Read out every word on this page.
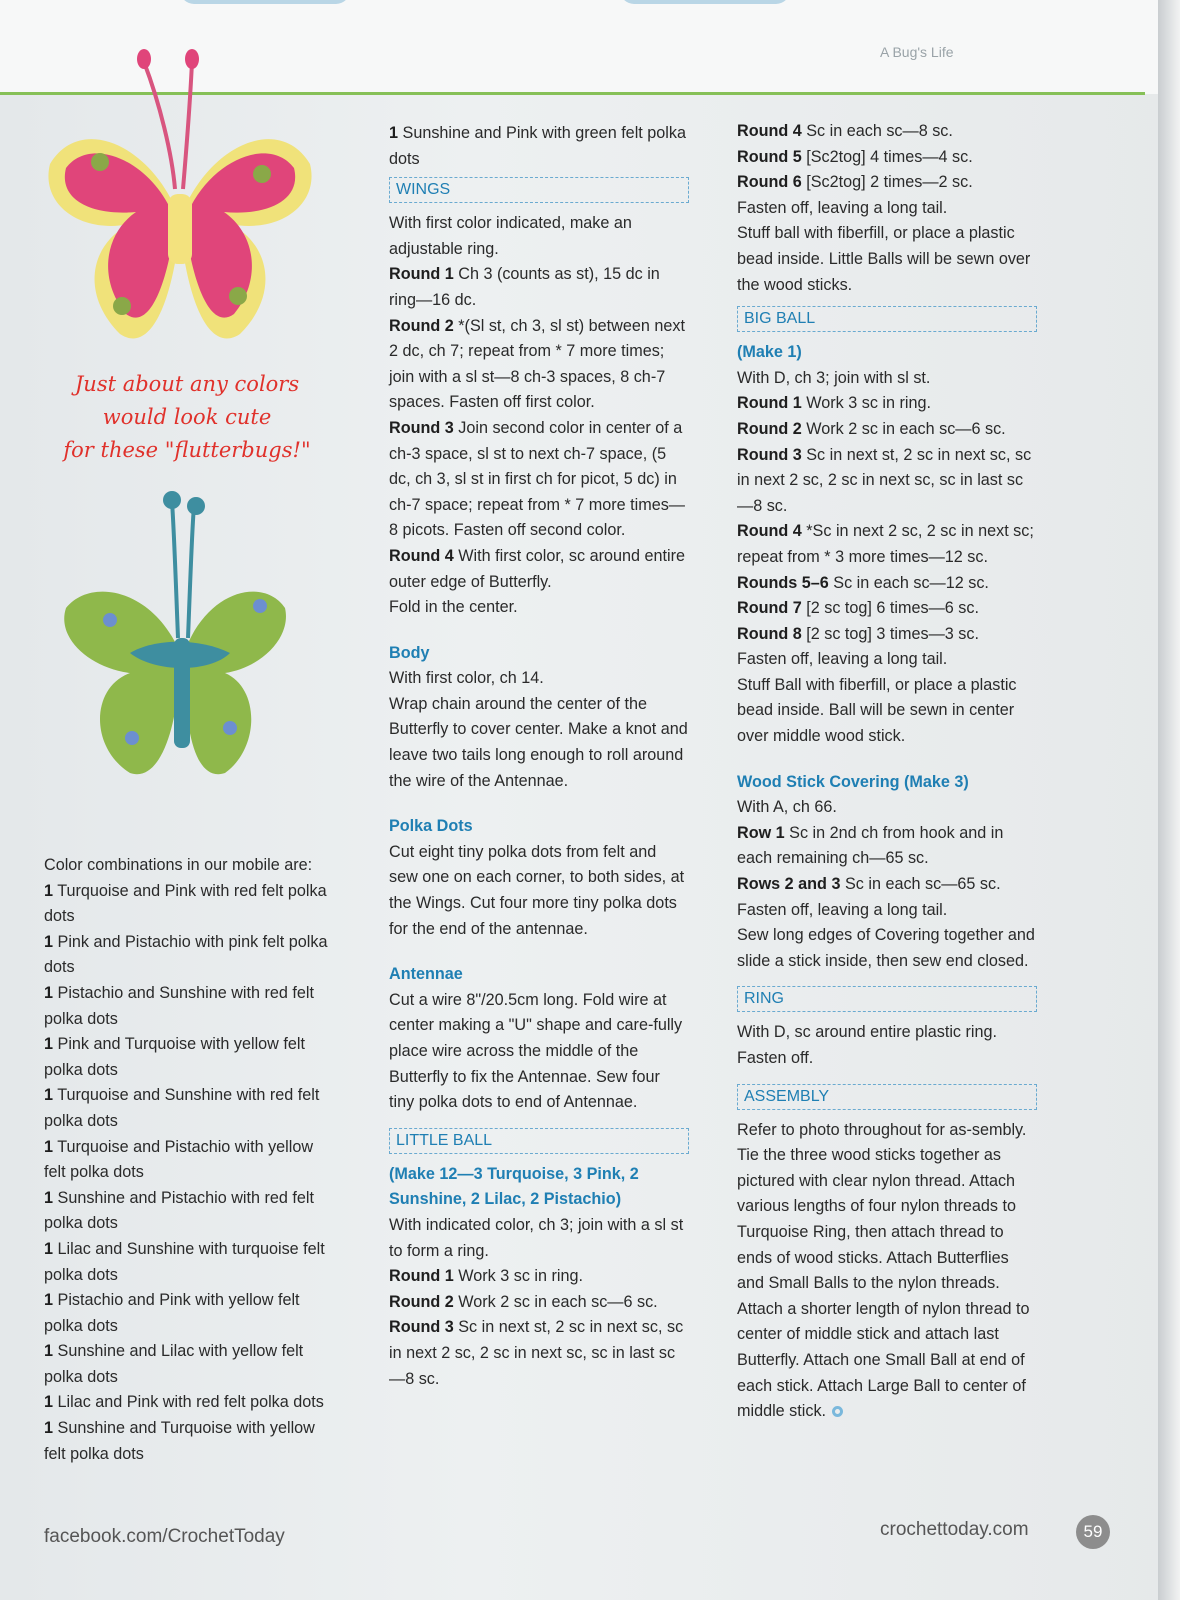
A Bug's Life
Just about any colors
would look cute
for these "flutterbugs!"

Color combinations in our mobile are:

1 Turquoise and Pink with red felt polka dots

1 Pink and Pistachio with pink felt polka dots

1 Pistachio and Sunshine with red felt polka dots

1 Pink and Turquoise with yellow felt polka dots

1 Turquoise and Sunshine with red felt polka dots

1 Turquoise and Pistachio with yellow felt polka dots

1 Sunshine and Pistachio with red felt polka dots

1 Lilac and Sunshine with turquoise felt polka dots

1 Pistachio and Pink with yellow felt polka dots

1 Sunshine and Lilac with yellow felt polka dots

1 Lilac and Pink with red felt polka dots

1 Sunshine and Turquoise with yellow felt polka dots

1 Sunshine and Pink with green felt polka dots

WINGS

With first color indicated, make an adjustable ring.

Round 1 Ch 3 (counts as st), 15 dc in ring—16 dc.

Round 2 *(Sl st, ch 3, sl st) between next 2 dc, ch 7; repeat from * 7 more times; join with a sl st—8 ch-3 spaces, 8 ch-7 spaces. Fasten off first color.

Round 3 Join second color in center of a ch-3 space, sl st to next ch-7 space, (5 dc, ch 3, sl st in first ch for picot, 5 dc) in ch-7 space; repeat from * 7 more times—8 picots. Fasten off second color.

Round 4 With first color, sc around entire outer edge of Butterfly.

Fold in the center.

Body

With first color, ch 14.

Wrap chain around the center of the Butterfly to cover center. Make a knot and leave two tails long enough to roll around the wire of the Antennae.

Polka Dots

Cut eight tiny polka dots from felt and sew one on each corner, to both sides, at the Wings. Cut four more tiny polka dots for the end of the antennae.

Antennae

Cut a wire 8"/20.5cm long. Fold wire at center making a "U" shape and care-fully place wire across the middle of the Butterfly to fix the Antennae. Sew four tiny polka dots to end of Antennae.

LITTLE BALL

(Make 12—3 Turquoise, 3 Pink, 2 Sunshine, 2 Lilac, 2 Pistachio)

With indicated color, ch 3; join with a sl st to form a ring.

Round 1 Work 3 sc in ring.

Round 2 Work 2 sc in each sc—6 sc.

Round 3 Sc in next st, 2 sc in next sc, sc in next 2 sc, 2 sc in next sc, sc in last sc—8 sc.

Round 4 Sc in each sc—8 sc.

Round 5 [Sc2tog] 4 times—4 sc.

Round 6 [Sc2tog] 2 times—2 sc.

Fasten off, leaving a long tail.

Stuff ball with fiberfill, or place a plastic bead inside. Little Balls will be sewn over the wood sticks.

BIG BALL

(Make 1)

With D, ch 3; join with sl st.

Round 1 Work 3 sc in ring.

Round 2 Work 2 sc in each sc—6 sc.

Round 3 Sc in next st, 2 sc in next sc, sc in next 2 sc, 2 sc in next sc, sc in last sc—8 sc.

Round 4 *Sc in next 2 sc, 2 sc in next sc; repeat from * 3 more times—12 sc.

Rounds 5–6 Sc in each sc—12 sc.

Round 7 [2 sc tog] 6 times—6 sc.

Round 8 [2 sc tog] 3 times—3 sc.

Fasten off, leaving a long tail.

Stuff Ball with fiberfill, or place a plastic bead inside. Ball will be sewn in center over middle wood stick.

Wood Stick Covering (Make 3)

With A, ch 66.

Row 1 Sc in 2nd ch from hook and in each remaining ch—65 sc.

Rows 2 and 3 Sc in each sc—65 sc.

Fasten off, leaving a long tail.

Sew long edges of Covering together and slide a stick inside, then sew end closed.

RING

With D, sc around entire plastic ring. Fasten off.

ASSEMBLY

Refer to photo throughout for as-sembly. Tie the three wood sticks together as pictured with clear nylon thread. Attach various lengths of four nylon threads to Turquoise Ring, then attach thread to ends of wood sticks. Attach Butterflies and Small Balls to the nylon threads. Attach a shorter length of nylon thread to center of middle stick and attach last Butterfly. Attach one Small Ball at end of each stick. Attach Large Ball to center of middle stick.

facebook.com/CrochetToday	crochettoday.com	59
